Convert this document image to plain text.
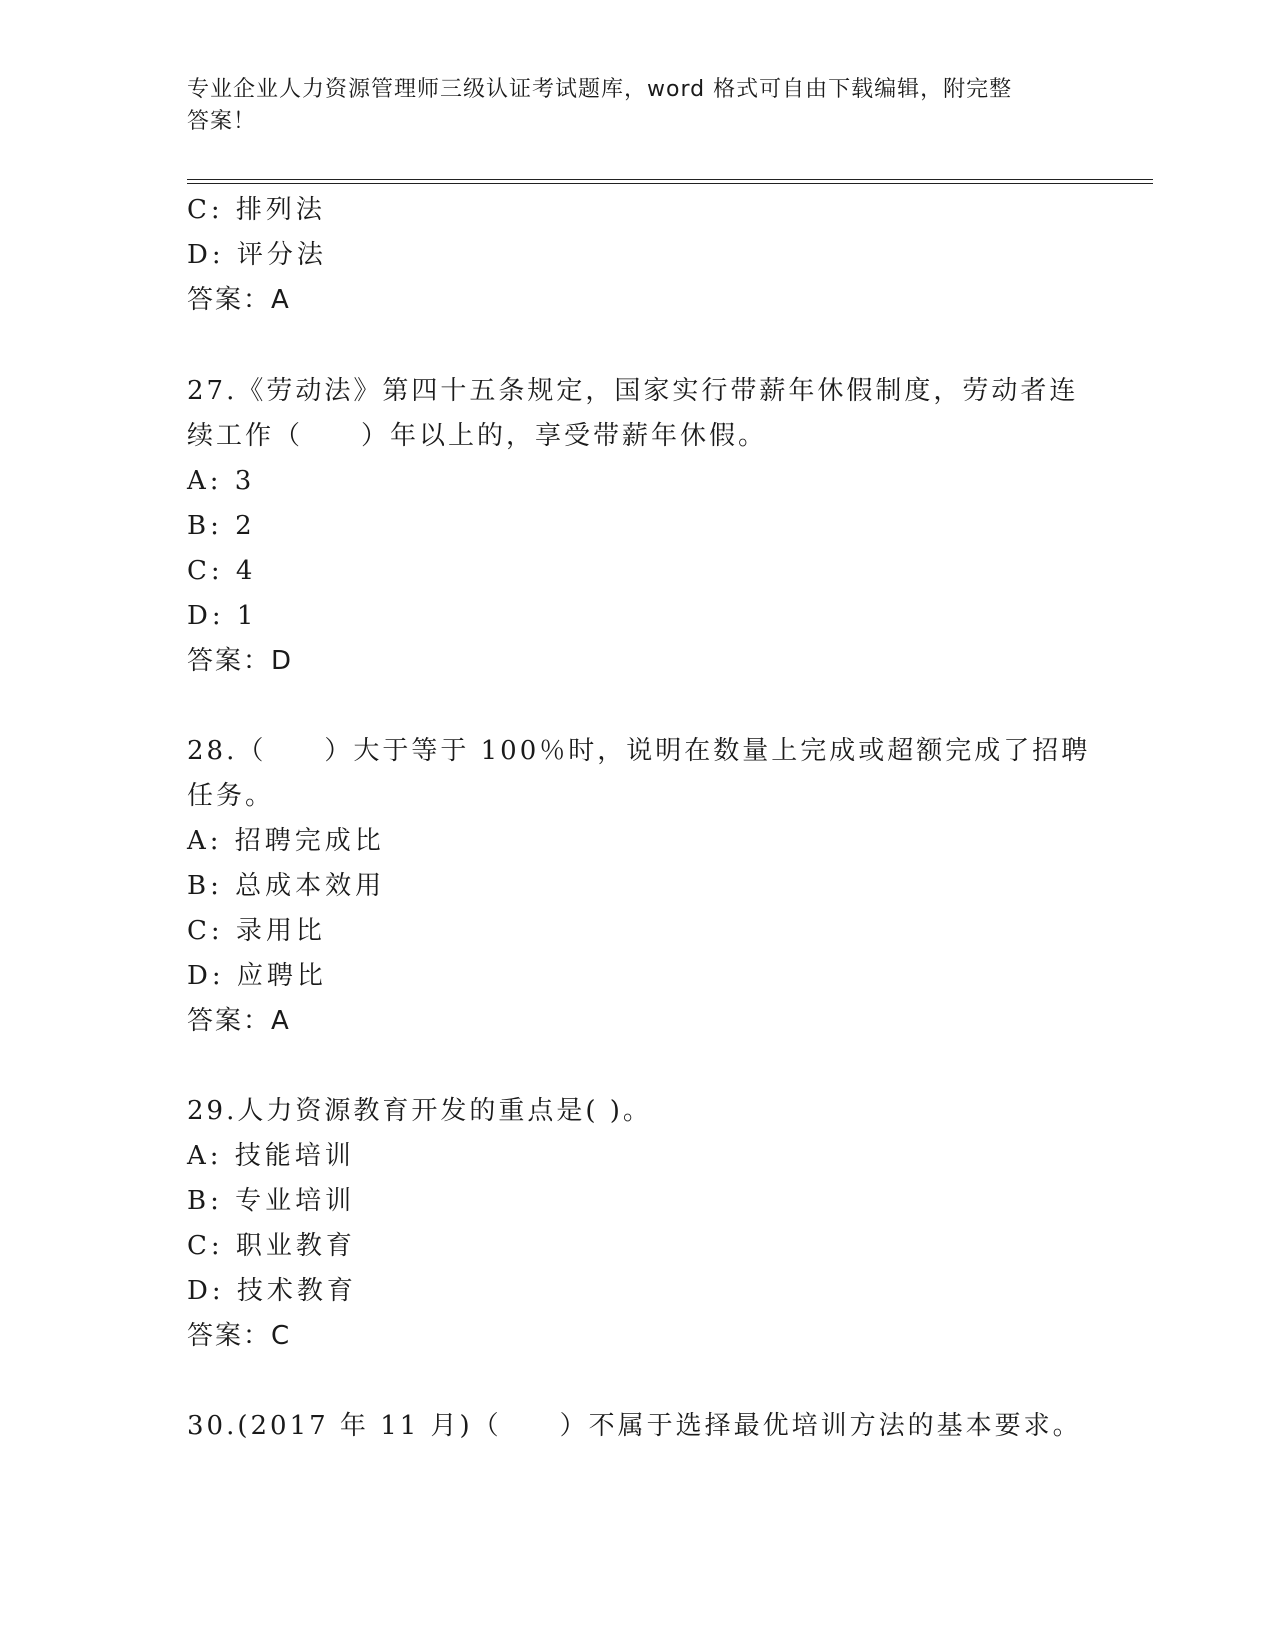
专业企业人力资源管理师三级认证考试题库，word 格式可自由下载编辑，附完整
答案！
C: 排列法
D: 评分法
答案：A
27.《劳动法》第四十五条规定，国家实行带薪年休假制度，劳动者连
续工作（　　）年以上的，享受带薪年休假。
A: 3
B: 2
C: 4
D: 1
答案：D
28.（　　）大于等于 100％时，说明在数量上完成或超额完成了招聘
任务。
A: 招聘完成比
B: 总成本效用
C: 录用比
D: 应聘比
答案：A
29.人力资源教育开发的重点是( )。
A: 技能培训
B: 专业培训
C: 职业教育
D: 技术教育
答案：C
30.(2017 年 11 月)（　　）不属于选择最优培训方法的基本要求。
